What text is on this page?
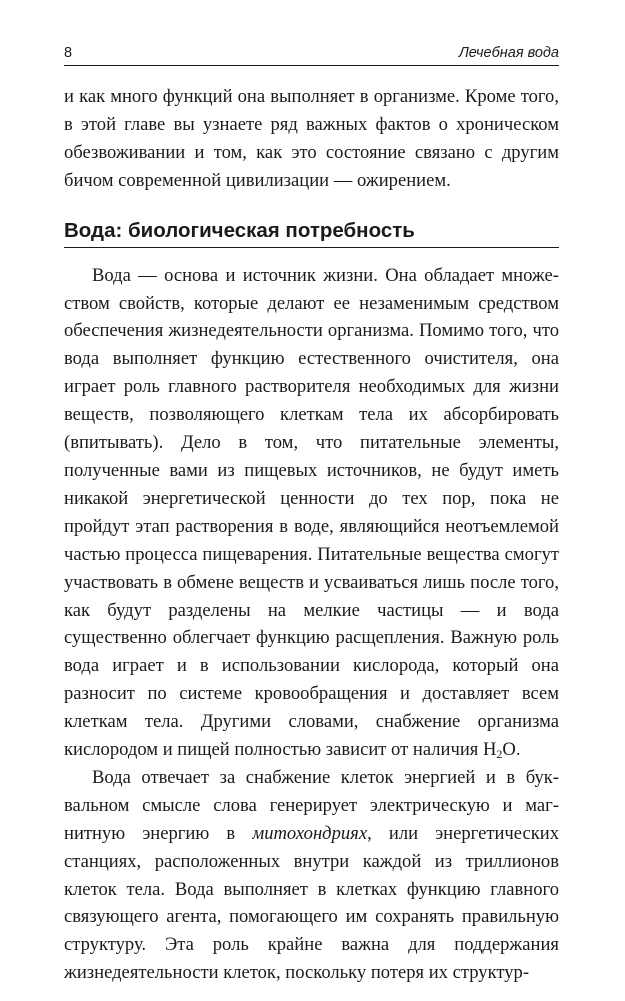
8	Лечебная вода

и как много функций она выполняет в организме. Кроме того, в этой главе вы узнаете ряд важных фактов о хроническом обезвоживании и том, как это состояние связано с другим бичом современной цивилизации — ожирением.

Вода: биологическая потребность

Вода — основа и источник жизни. Она обладает множеством свойств, которые делают ее незаменимым средством обеспечения жизнедеятельности организма. Помимо того, что вода выполняет функцию естественного очистителя, она играет роль главного растворителя необходимых для жизни веществ, позволяющего клеткам тела их абсорбировать (впитывать). Дело в том, что питательные элементы, полученные вами из пищевых источников, не будут иметь никакой энергетической ценности до тех пор, пока не пройдут этап растворения в воде, являющийся неотъемлемой частью процесса пищеварения. Питательные вещества смогут участвовать в обмене веществ и усваиваться лишь после того, как будут разделены на мелкие частицы — и вода существенно облегчает функцию расщепления. Важную роль вода играет и в использовании кислорода, который она разносит по системе кровообращения и доставляет всем клеткам тела. Другими словами, снабжение организма кислородом и пищей полностью зависит от наличия $H_2O$.

Вода отвечает за снабжение клеток энергией и в буквальном смысле слова генерирует электрическую и магнитную энергию в митохондриях, или энергетических станциях, расположенных внутри каждой из триллионов клеток тела. Вода выполняет в клетках функцию главного связующего агента, помогающего им сохранять правильную структуру. Эта роль крайне важна для поддержания жизнедеятельности клеток, поскольку потеря их структур-
